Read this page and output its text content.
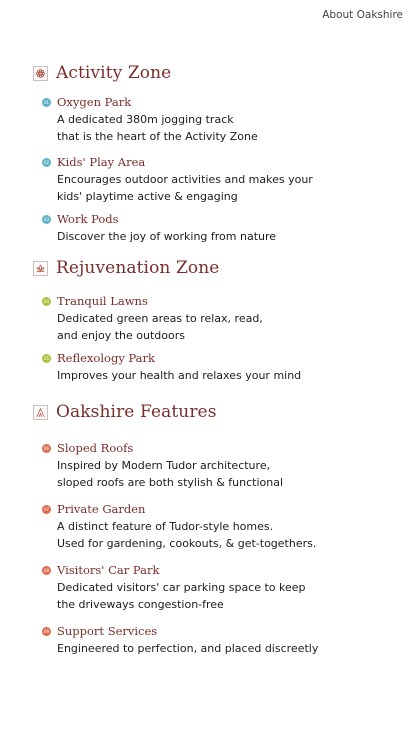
About Oakshire
Activity Zone
01 Oxygen Park
A dedicated 380m jogging track
that is the heart of the Activity Zone
02 Kids' Play Area
Encourages outdoor activities and makes your
kids' playtime active & engaging
03 Work Pods
Discover the joy of working from nature
Rejuvenation Zone
04 Tranquil Lawns
Dedicated green areas to relax, read,
and enjoy the outdoors
05 Reflexology Park
Improves your health and relaxes your mind
Oakshire Features
06 Sloped Roofs
Inspired by Modern Tudor architecture,
sloped roofs are both stylish & functional
07 Private Garden
A distinct feature of Tudor-style homes.
Used for gardening, cookouts, & get-togethers.
08 Visitors' Car Park
Dedicated visitors' car parking space to keep
the driveways congestion-free
09 Support Services
Engineered to perfection, and placed discreetly
